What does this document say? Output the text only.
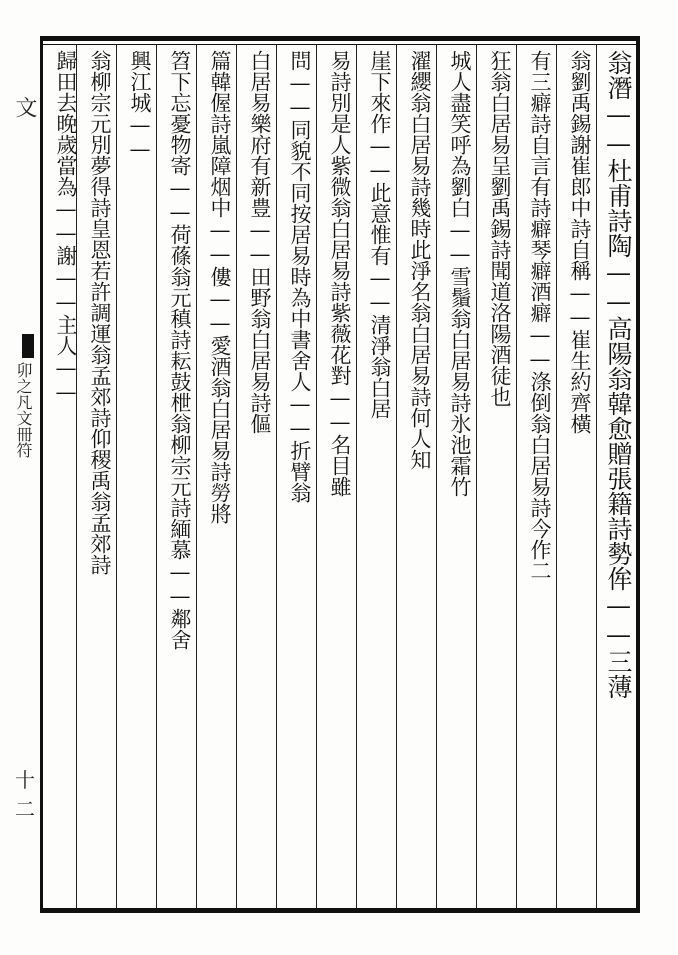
文
卯之凡文冊符
十二
翁潛——杜甫詩陶——高陽翁韓愈贈張籍詩勢侔——三薄
翁劉禹錫謝崔郎中詩自稱——崔生約齊橫
有三癖詩自言有詩癖琴癖酒癖——涤倒翁白居易詩今作二
狂翁白居易呈劉禹錫詩聞道洛陽酒徒也
城人盡笑呼為劉白——雪鬚翁白居易詩氷池霜竹
濯纓翁白居易詩幾時此淨名翁白居易詩何人知
崖下來作——此意惟有——清淨翁白居
易詩別是人紫微翁白居易詩紫薇花對——名目雖
問——同貌不同按居易時為中書舍人——折臂翁
白居易樂府有新豊——田野翁白居易詩傴
篇韓偓詩嵐障烟中——僂——愛酒翁白居易詩勞將
笤下忘憂物寄——荷蓧翁元稹詩耘鼓枻翁柳宗元詩緬慕——鄰舍
興江城——
翁柳宗元別夢得詩皇恩若許調運翁孟郊詩仰稷禹翁孟郊詩
歸田去晚歲當為——謝——主人——
